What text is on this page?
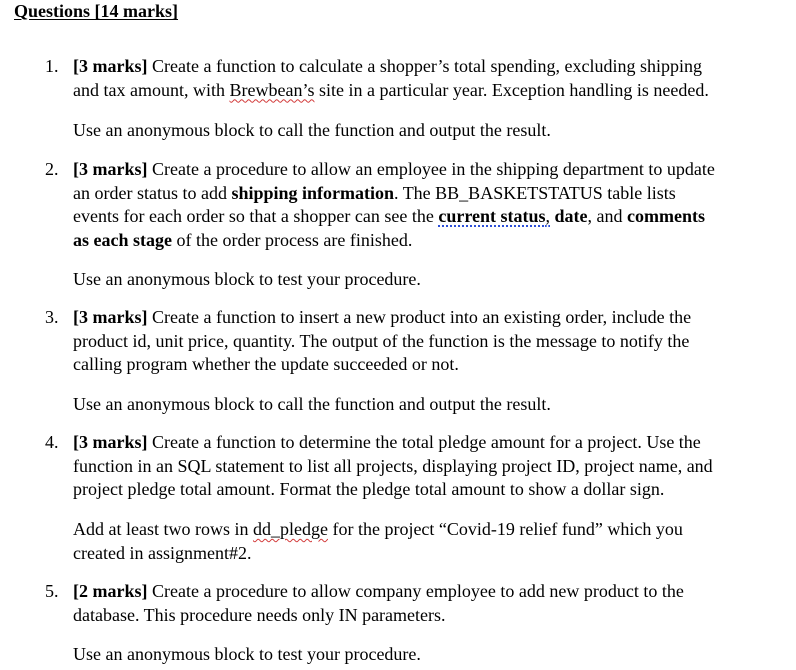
Questions [14 marks]
1. [3 marks] Create a function to calculate a shopper’s total spending, excluding shipping
and tax amount, with Brewbean’s site in a particular year. Exception handling is needed.
Use an anonymous block to call the function and output the result.
2. [3 marks] Create a procedure to allow an employee in the shipping department to update
an order status to add shipping information. The BB_BASKETSTATUS table lists
events for each order so that a shopper can see the current status, date, and comments
as each stage of the order process are finished.
Use an anonymous block to test your procedure.
3. [3 marks] Create a function to insert a new product into an existing order, include the
product id, unit price, quantity. The output of the function is the message to notify the
calling program whether the update succeeded or not.
Use an anonymous block to call the function and output the result.
4. [3 marks] Create a function to determine the total pledge amount for a project. Use the
function in an SQL statement to list all projects, displaying project ID, project name, and
project pledge total amount. Format the pledge total amount to show a dollar sign.
Add at least two rows in dd_pledge for the project “Covid-19 relief fund” which you
created in assignment#2.
5. [2 marks] Create a procedure to allow company employee to add new product to the
database. This procedure needs only IN parameters.
Use an anonymous block to test your procedure.
